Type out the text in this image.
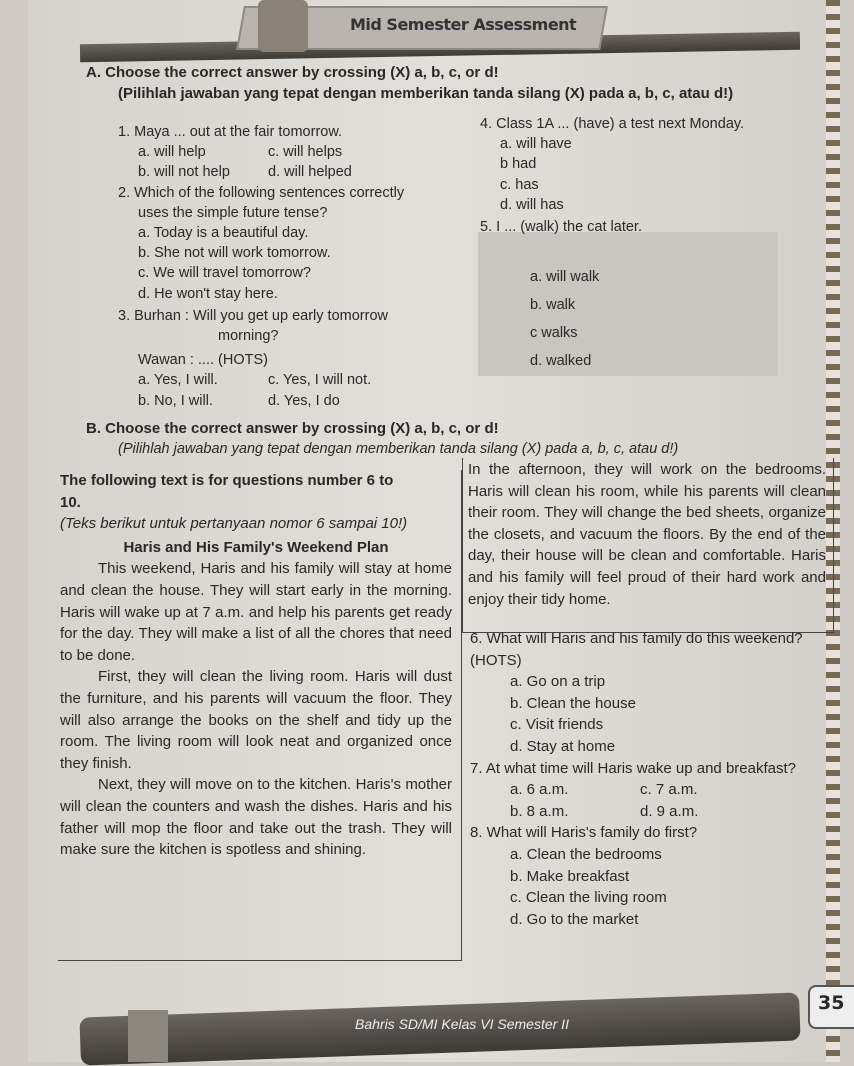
Mid Semester Assessment
A. Choose the correct answer by crossing (X) a, b, c, or d!
(Pilihlah jawaban yang tepat dengan memberikan tanda silang (X) pada a, b, c, atau d!)
1. Maya ... out at the fair tomorrow.
a. will help	c. will helps
b. will not help	d. will helped
2. Which of the following sentences correctly
uses the simple future tense?
a. Today is a beautiful day.
b. She not will work tomorrow.
c. We will travel tomorrow?
d. He won't stay here.
3. Burhan : Will you get up early tomorrow
morning?
Wawan : .... (HOTS)
a. Yes, I will.	c. Yes, I will not.
b. No, I will.	d. Yes, I do
4. Class 1A ... (have) a test next Monday.
a. will have
b had
c. has
d. will has
5. I ... (walk) the cat later.
a. will walk
b. walk
c walks
d. walked
B. Choose the correct answer by crossing (X) a, b, c, or d!
(Pilihlah jawaban yang tepat dengan memberikan tanda silang (X) pada a, b, c, atau d!)
The following text is for questions number 6 to 10.
(Teks berikut untuk pertanyaan nomor 6 sampai 10!)
Haris and His Family's Weekend Plan
This weekend, Haris and his family will stay at home and clean the house. They will start early in the morning. Haris will wake up at 7 a.m. and help his parents get ready for the day. They will make a list of all the chores that need to be done.
First, they will clean the living room. Haris will dust the furniture, and his parents will vacuum the floor. They will also arrange the books on the shelf and tidy up the room. The living room will look neat and organized once they finish.
Next, they will move on to the kitchen. Haris's mother will clean the counters and wash the dishes. Haris and his father will mop the floor and take out the trash. They will make sure the kitchen is spotless and shining.
In the afternoon, they will work on the bedrooms. Haris will clean his room, while his parents will clean their room. They will change the bed sheets, organize the closets, and vacuum the floors. By the end of the day, their house will be clean and comfortable. Haris and his family will feel proud of their hard work and enjoy their tidy home.
6. What will Haris and his family do this weekend? (HOTS)
a. Go on a trip
b. Clean the house
c. Visit friends
d. Stay at home
7. At what time will Haris wake up and breakfast?
a. 6 a.m.	c. 7 a.m.
b. 8 a.m.	d. 9 a.m.
8. What will Haris's family do first?
a. Clean the bedrooms
b. Make breakfast
c. Clean the living room
d. Go to the market
Bahris SD/MI Kelas VI Semester II
35
